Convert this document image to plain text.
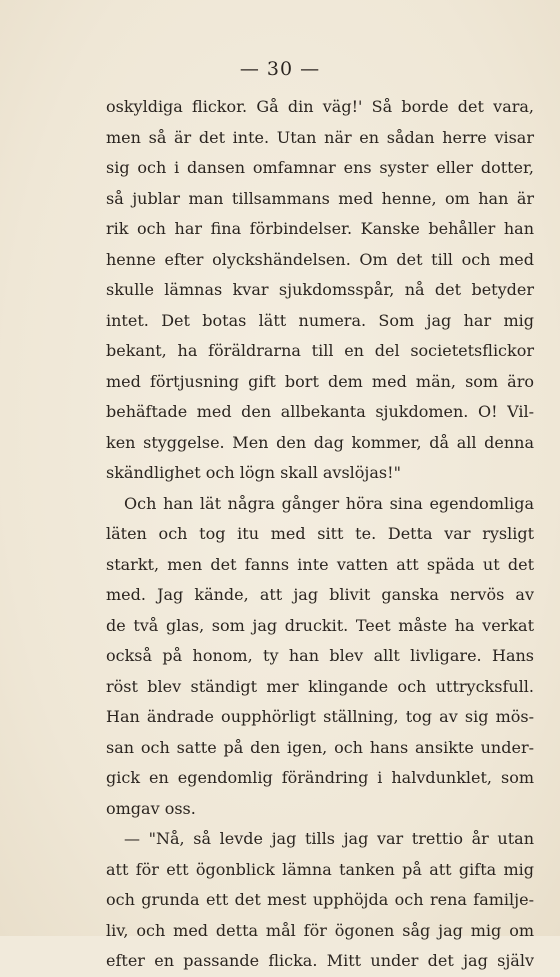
— 30 —
oskyldiga flickor. Gå din väg!' Så borde det vara,
men så är det inte. Utan när en sådan herre visar
sig och i dansen omfamnar ens syster eller dotter,
så jublar man tillsammans med henne, om han är
rik och har fina förbindelser. Kanske behåller han
henne efter olyckshändelsen. Om det till och med
skulle lämnas kvar sjukdomsspår, nå det betyder
intet. Det botas lätt numera. Som jag har mig
bekant, ha föräldrarna till en del societetsflickor
med förtjusning gift bort dem med män, som äro
behäftade med den allbekanta sjukdomen. O! Vil-
ken styggelse. Men den dag kommer, då all denna
skändlighet och lögn skall avslöjas!"
Och han lät några gånger höra sina egendomliga
läten och tog itu med sitt te. Detta var rysligt
starkt, men det fanns inte vatten att späda ut det
med. Jag kände, att jag blivit ganska nervös av
de två glas, som jag druckit. Teet måste ha verkat
också på honom, ty han blev allt livligare. Hans
röst blev ständigt mer klingande och uttrycksfull.
Han ändrade oupphörligt ställning, tog av sig mös-
san och satte på den igen, och hans ansikte under-
gick en egendomlig förändring i halvdunklet, som
omgav oss.
— "Nå, så levde jag tills jag var trettio år utan
att för ett ögonblick lämna tanken på att gifta mig
och grunda ett det mest upphöjda och rena familje-
liv, och med detta mål för ögonen såg jag mig om
efter en passande flicka. Mitt under det jag själv
